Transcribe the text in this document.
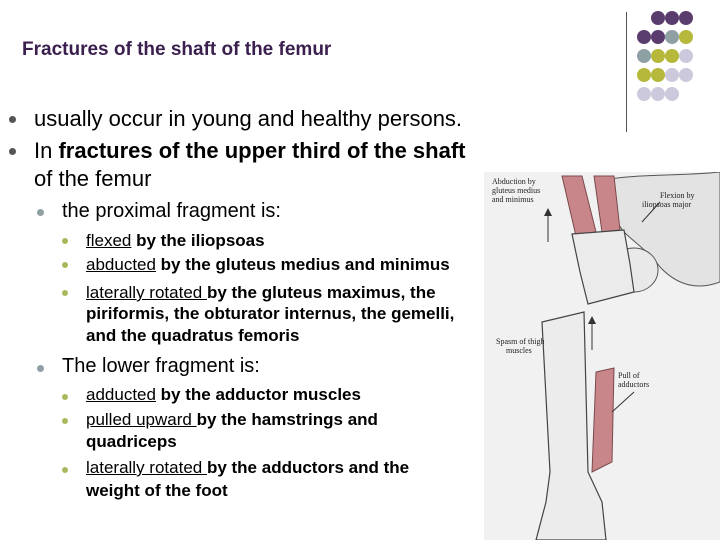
Fractures of the shaft of the femur
usually occur in young and healthy persons.
In fractures of the upper third of the shaft
of the femur
the proximal fragment is:
flexed by the iliopsoas
abducted by the gluteus medius and minimus
laterally rotated by the gluteus maximus, the
piriformis, the obturator internus, the gemelli,
and the quadratus femoris
The lower fragment is:
adducted by the adductor muscles
pulled upward by the hamstrings and
quadriceps
laterally rotated by the adductors and the
weight of the foot
Abduction by
gluteus medius
and minimus	Flexion by
iliopsoas major
Spasm of thigh
muscles
Pull of
adductors
